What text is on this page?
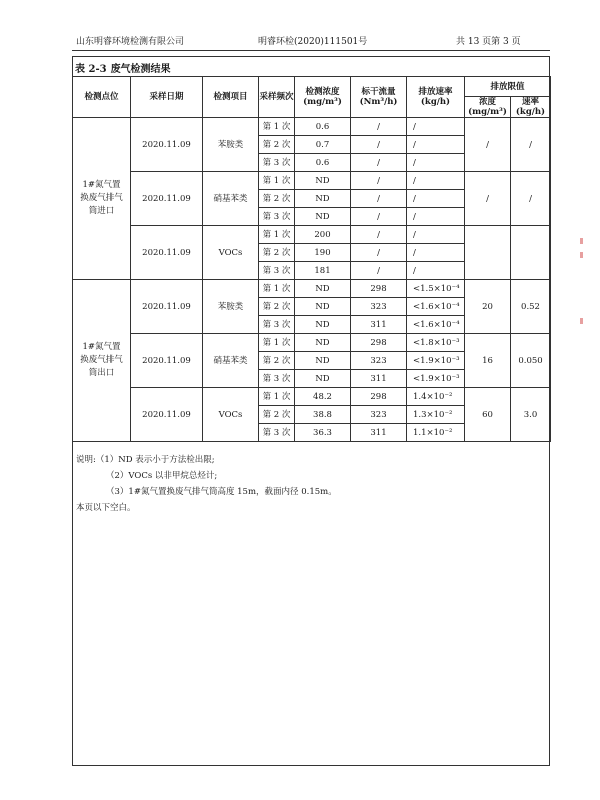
山东明睿环境检测有限公司	明睿环检(2020)111501号	共 13 页第 3 页
表 2-3 废气检测结果
检测点位	采样日期	检测项目	采样频次	检测浓度(mg/m³)	标干流量(Nm³/h)	排放速率(kg/h)	排放限值	
							浓度(mg/m³)	速率(kg/h)
1#氮气置换废气排气筒进口	2020.11.09	苯胺类	第 1 次	0.6	/	/	/	/
			第 2 次	0.7	/	/		
			第 3 次	0.6	/	/		
	2020.11.09	硝基苯类	第 1 次	ND	/	/	/	/
			第 2 次	ND	/	/		
			第 3 次	ND	/	/		
	2020.11.09	VOCs	第 1 次	200	/	/		
			第 2 次	190	/	/		
			第 3 次	181	/	/		
1#氮气置换废气排气筒出口	2020.11.09	苯胺类	第 1 次	ND	298	<1.5×10⁻⁴	20	0.52
			第 2 次	ND	323	<1.6×10⁻⁴		
			第 3 次	ND	311	<1.6×10⁻⁴		
	2020.11.09	硝基苯类	第 1 次	ND	298	<1.8×10⁻³	16	0.050
			第 2 次	ND	323	<1.9×10⁻³		
			第 3 次	ND	311	<1.9×10⁻³		
	2020.11.09	VOCs	第 1 次	48.2	298	1.4×10⁻²	60	3.0
			第 2 次	38.8	323	1.3×10⁻²		
			第 3 次	36.3	311	1.1×10⁻²		
说明:（1）ND 表示小于方法检出限;
（2）VOCs 以非甲烷总烃计;
（3）1#氮气置换废气排气筒高度 15m，截面内径 0.15m。
本页以下空白。
